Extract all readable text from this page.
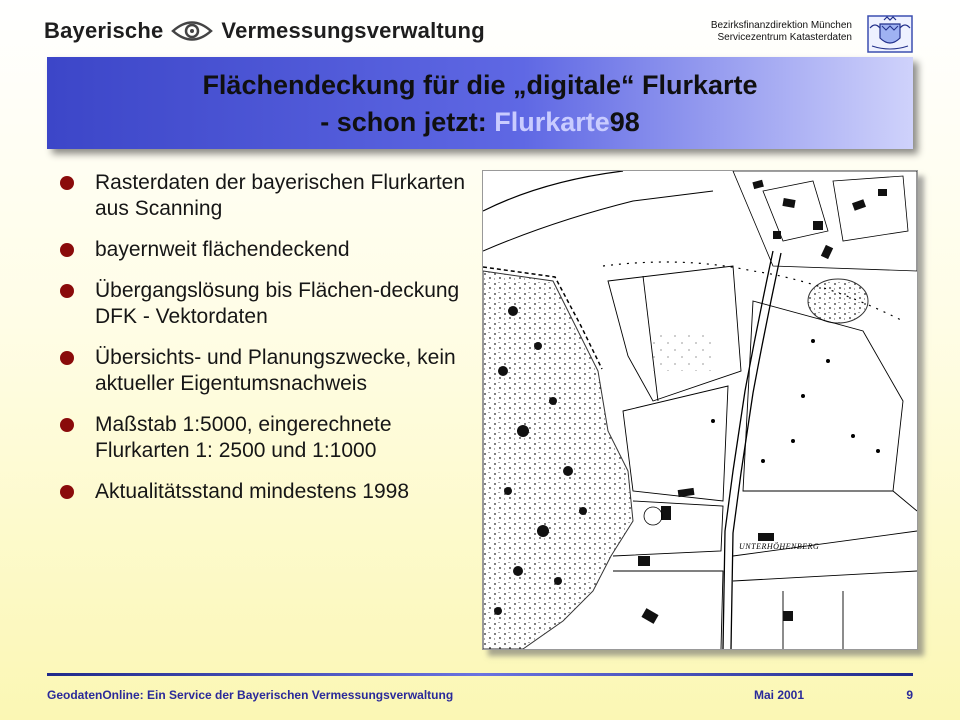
Bayerische	Vermessungsverwaltung	Bezirksfinanzdirektion München
Servicezentrum Katasterdaten
Flächendeckung für die „digitale“ Flurkarte
- schon jetzt: Flurkarte98
Rasterdaten der bayerischen Flurkarten aus Scanning
bayernweit flächendeckend
Übergangslösung bis Flächen-deckung DFK - Vektordaten
Übersichts- und Planungszwecke, kein aktueller Eigentumsnachweis
Maßstab 1:5000, eingerechnete Flurkarten 1: 2500 und 1:1000
Aktualitätsstand mindestens 1998
UNTERHÖHENBERG
GeodatenOnline: Ein Service der Bayerischen Vermessungsverwaltung	Mai 2001	9
